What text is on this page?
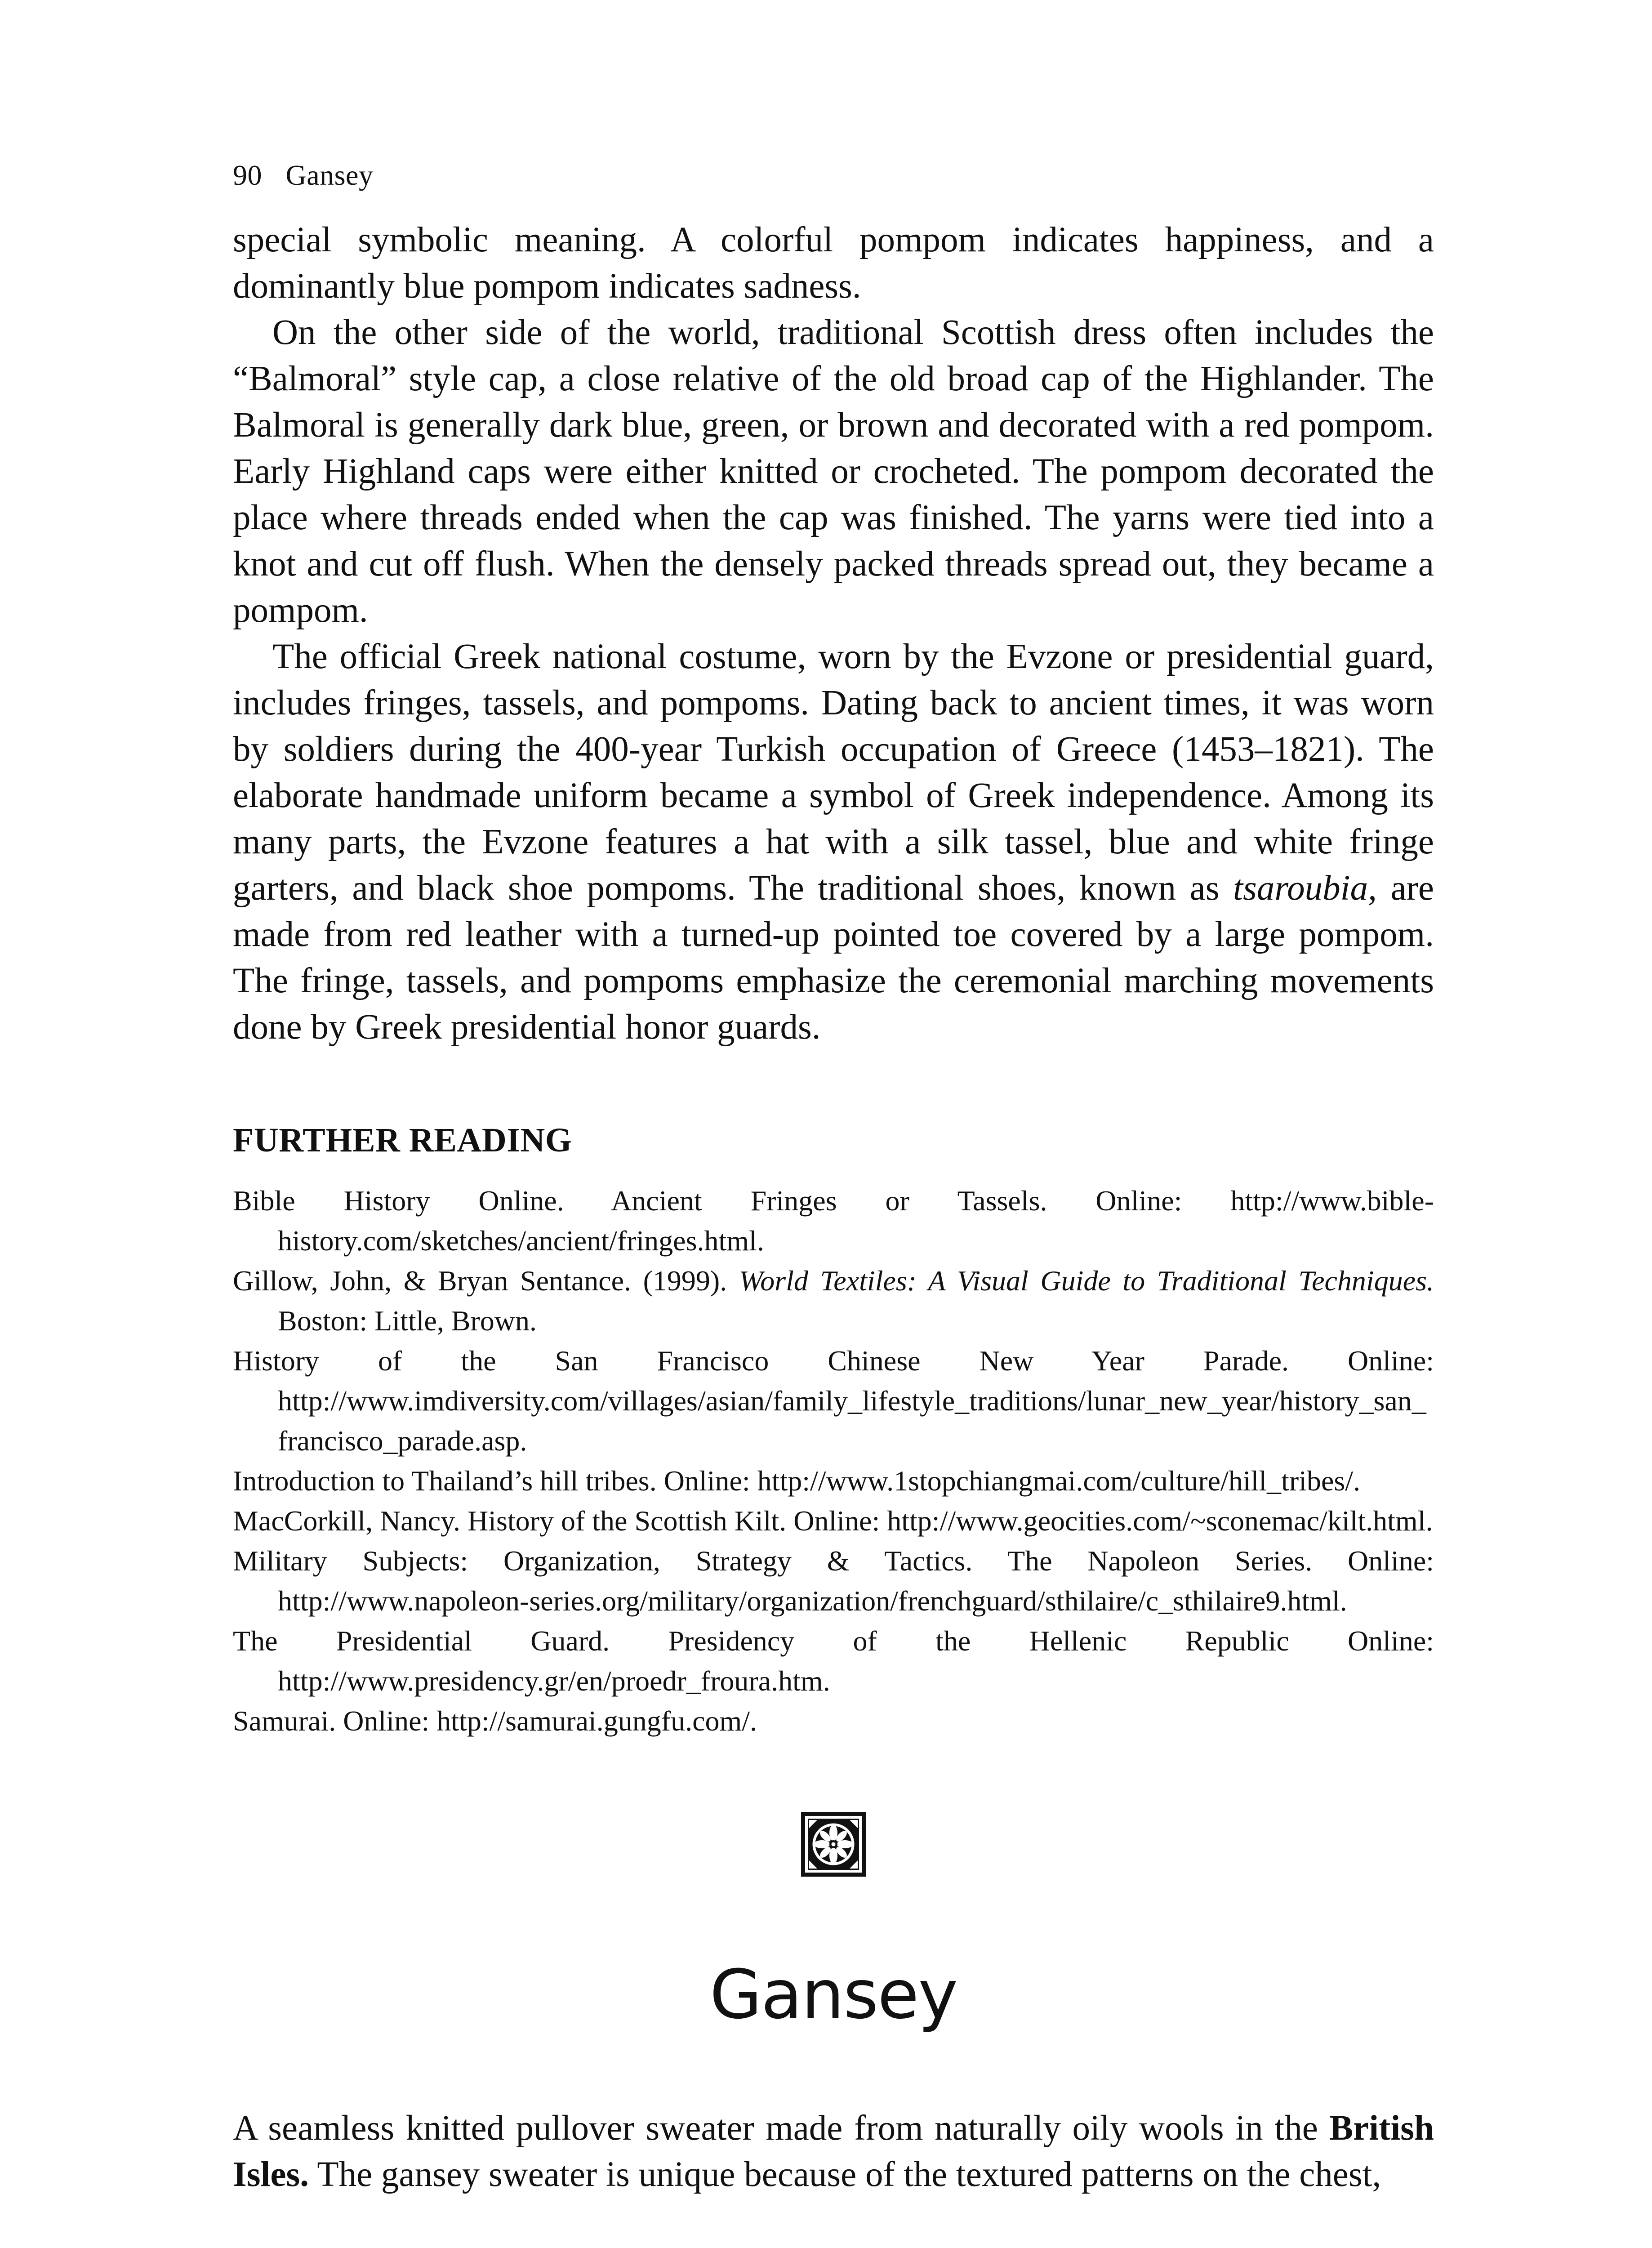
90 Gansey

special symbolic meaning. A colorful pompom indicates happiness, and a dominantly blue pompom indicates sadness.

On the other side of the world, traditional Scottish dress often includes the “Balmoral” style cap, a close relative of the old broad cap of the Highlander. The Balmoral is generally dark blue, green, or brown and decorated with a red pompom. Early Highland caps were either knitted or crocheted. The pompom decorated the place where threads ended when the cap was finished. The yarns were tied into a knot and cut off flush. When the densely packed threads spread out, they became a pompom.

The official Greek national costume, worn by the Evzone or presidential guard, includes fringes, tassels, and pompoms. Dating back to ancient times, it was worn by soldiers during the 400-year Turkish occupation of Greece (1453–1821). The elaborate handmade uniform became a symbol of Greek independence. Among its many parts, the Evzone features a hat with a silk tassel, blue and white fringe garters, and black shoe pompoms. The traditional shoes, known as tsaroubia, are made from red leather with a turned-up pointed toe covered by a large pompom. The fringe, tassels, and pompoms emphasize the ceremonial marching movements done by Greek presidential honor guards.

FURTHER READING

Bible History Online. Ancient Fringes or Tassels. Online: http://www.bible-history.com/sketches/ancient/fringes.html.

Gillow, John, & Bryan Sentance. (1999). World Textiles: A Visual Guide to Traditional Techniques. Boston: Little, Brown.

History of the San Francisco Chinese New Year Parade. Online: http://www.imdiversity.com/villages/asian/family_lifestyle_traditions/lunar_new_year/history_san_francisco_parade.asp.

Introduction to Thailand’s hill tribes. Online: http://www.1stopchiangmai.com/culture/hill_tribes/.

MacCorkill, Nancy. History of the Scottish Kilt. Online: http://www.geocities.com/~sconemac/kilt.html.

Military Subjects: Organization, Strategy & Tactics. The Napoleon Series. Online: http://www.napoleon-series.org/military/organization/frenchguard/sthilaire/c_sthilaire9.html.

The Presidential Guard. Presidency of the Hellenic Republic Online: http://www.presidency.gr/en/proedr_froura.htm.

Samurai. Online: http://samurai.gungfu.com/.

Gansey

A seamless knitted pullover sweater made from naturally oily wools in the British Isles. The gansey sweater is unique because of the textured patterns on the chest,
